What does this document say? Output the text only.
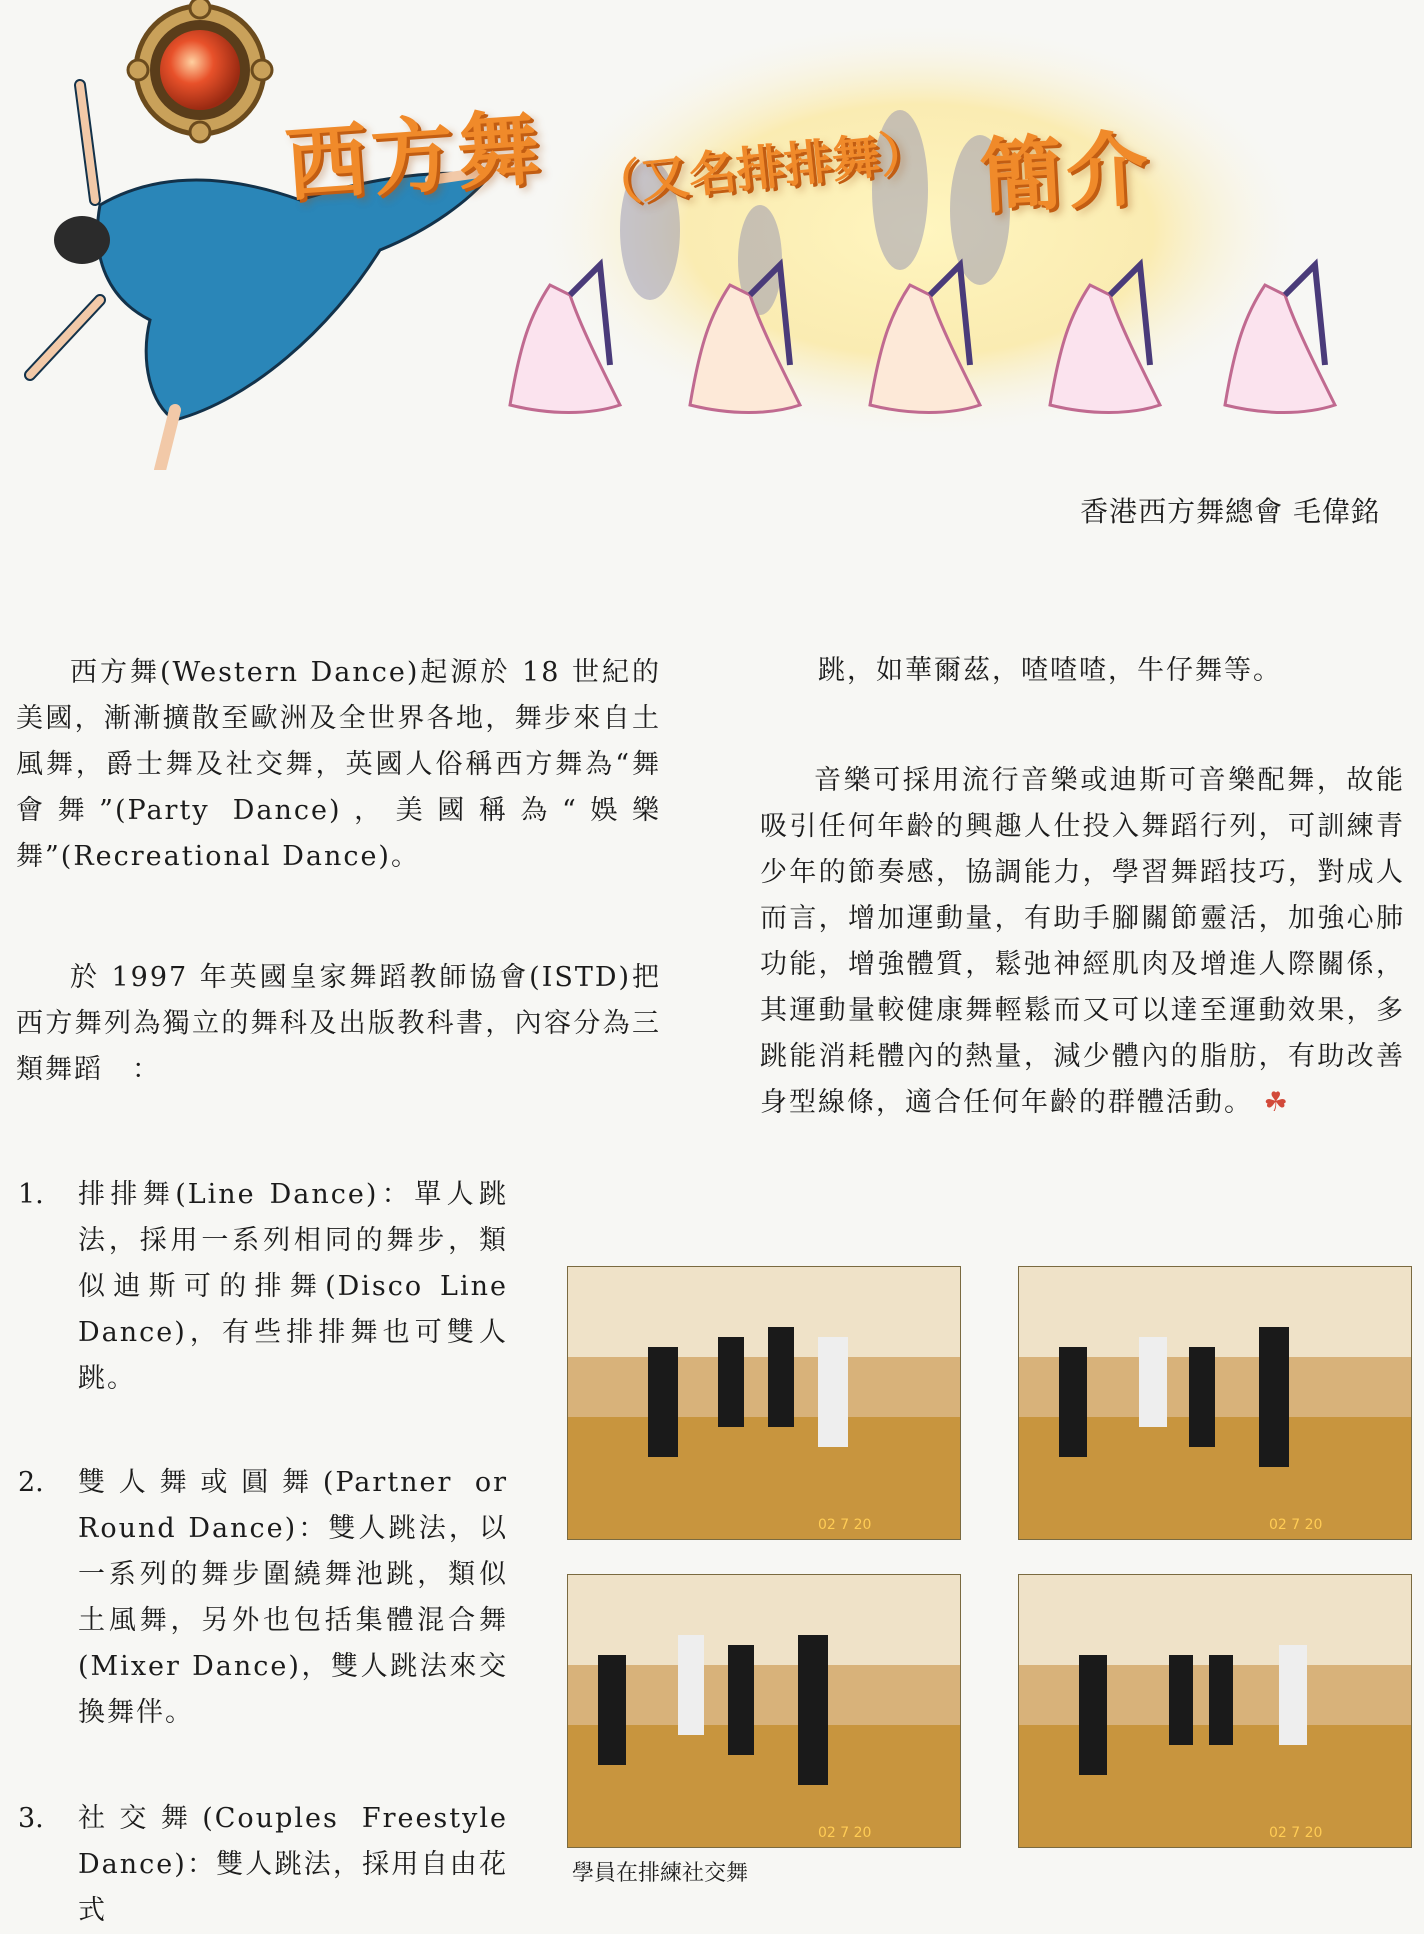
西方舞 （又名排排舞） 簡介
香港西方舞總會 毛偉銘

西方舞(Western Dance)起源於 18 世紀的美國，漸漸擴散至歐洲及全世界各地，舞步來自土風舞，爵士舞及社交舞，英國人俗稱西方舞為“舞會舞”(Party Dance)，美國稱為“娛樂舞”(Recreational Dance)。

於 1997 年英國皇家舞蹈教師協會(ISTD)把西方舞列為獨立的舞科及出版教科書，內容分為三類舞蹈　：

1. 排排舞(Line Dance)：單人跳法，採用一系列相同的舞步，類似迪斯可的排舞(Disco Line Dance)，有些排排舞也可雙人跳。

2. 雙人舞或圓舞(Partner or Round Dance)：雙人跳法，以一系列的舞步圍繞舞池跳，類似土風舞，另外也包括集體混合舞(Mixer Dance)，雙人跳法來交換舞伴。

3. 社交舞(Couples Freestyle Dance)：雙人跳法，採用自由花式

跳，如華爾茲，喳喳喳，牛仔舞等。

音樂可採用流行音樂或迪斯可音樂配舞，故能吸引任何年齡的興趣人仕投入舞蹈行列，可訓練青少年的節奏感，協調能力，學習舞蹈技巧，對成人而言，增加運動量，有助手腳關節靈活，加強心肺功能，增強體質，鬆弛神經肌肉及增進人際關係，其運動量較健康舞輕鬆而又可以達至運動效果，多跳能消耗體內的熱量，減少體內的脂肪，有助改善身型線條，適合任何年齡的群體活動。 ☘

02 7 20	02 7 20
02 7 20	02 7 20
學員在排練社交舞
